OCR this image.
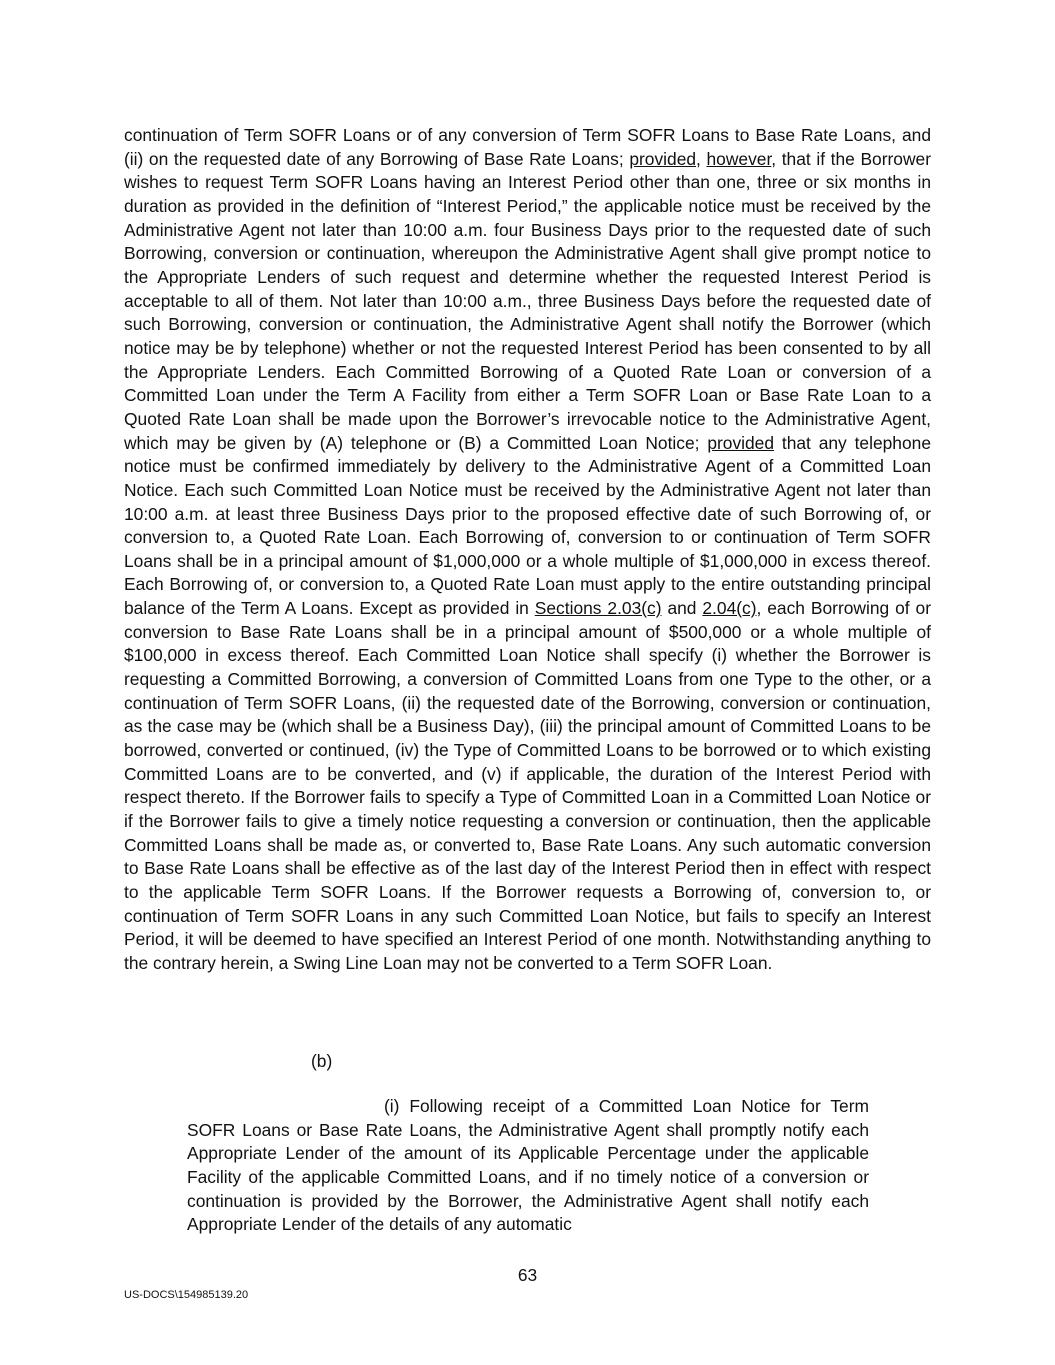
continuation of Term SOFR Loans or of any conversion of Term SOFR Loans to Base Rate Loans, and (ii) on the requested date of any Borrowing of Base Rate Loans; provided, however, that if the Borrower wishes to request Term SOFR Loans having an Interest Period other than one, three or six months in duration as provided in the definition of “Interest Period,” the applicable notice must be received by the Administrative Agent not later than 10:00 a.m. four Business Days prior to the requested date of such Borrowing, conversion or continuation, whereupon the Administrative Agent shall give prompt notice to the Appropriate Lenders of such request and determine whether the requested Interest Period is acceptable to all of them. Not later than 10:00 a.m., three Business Days before the requested date of such Borrowing, conversion or continuation, the Administrative Agent shall notify the Borrower (which notice may be by telephone) whether or not the requested Interest Period has been consented to by all the Appropriate Lenders. Each Committed Borrowing of a Quoted Rate Loan or conversion of a Committed Loan under the Term A Facility from either a Term SOFR Loan or Base Rate Loan to a Quoted Rate Loan shall be made upon the Borrower’s irrevocable notice to the Administrative Agent, which may be given by (A) telephone or (B) a Committed Loan Notice; provided that any telephone notice must be confirmed immediately by delivery to the Administrative Agent of a Committed Loan Notice. Each such Committed Loan Notice must be received by the Administrative Agent not later than 10:00 a.m. at least three Business Days prior to the proposed effective date of such Borrowing of, or conversion to, a Quoted Rate Loan. Each Borrowing of, conversion to or continuation of Term SOFR Loans shall be in a principal amount of $1,000,000 or a whole multiple of $1,000,000 in excess thereof. Each Borrowing of, or conversion to, a Quoted Rate Loan must apply to the entire outstanding principal balance of the Term A Loans. Except as provided in Sections 2.03(c) and 2.04(c), each Borrowing of or conversion to Base Rate Loans shall be in a principal amount of $500,000 or a whole multiple of $100,000 in excess thereof. Each Committed Loan Notice shall specify (i) whether the Borrower is requesting a Committed Borrowing, a conversion of Committed Loans from one Type to the other, or a continuation of Term SOFR Loans, (ii) the requested date of the Borrowing, conversion or continuation, as the case may be (which shall be a Business Day), (iii) the principal amount of Committed Loans to be borrowed, converted or continued, (iv) the Type of Committed Loans to be borrowed or to which existing Committed Loans are to be converted, and (v) if applicable, the duration of the Interest Period with respect thereto. If the Borrower fails to specify a Type of Committed Loan in a Committed Loan Notice or if the Borrower fails to give a timely notice requesting a conversion or continuation, then the applicable Committed Loans shall be made as, or converted to, Base Rate Loans. Any such automatic conversion to Base Rate Loans shall be effective as of the last day of the Interest Period then in effect with respect to the applicable Term SOFR Loans. If the Borrower requests a Borrowing of, conversion to, or continuation of Term SOFR Loans in any such Committed Loan Notice, but fails to specify an Interest Period, it will be deemed to have specified an Interest Period of one month. Notwithstanding anything to the contrary herein, a Swing Line Loan may not be converted to a Term SOFR Loan.

(b)

(i) Following receipt of a Committed Loan Notice for Term SOFR Loans or Base Rate Loans, the Administrative Agent shall promptly notify each Appropriate Lender of the amount of its Applicable Percentage under the applicable Facility of the applicable Committed Loans, and if no timely notice of a conversion or continuation is provided by the Borrower, the Administrative Agent shall notify each Appropriate Lender of the details of any automatic

63

US-DOCS\154985139.20
